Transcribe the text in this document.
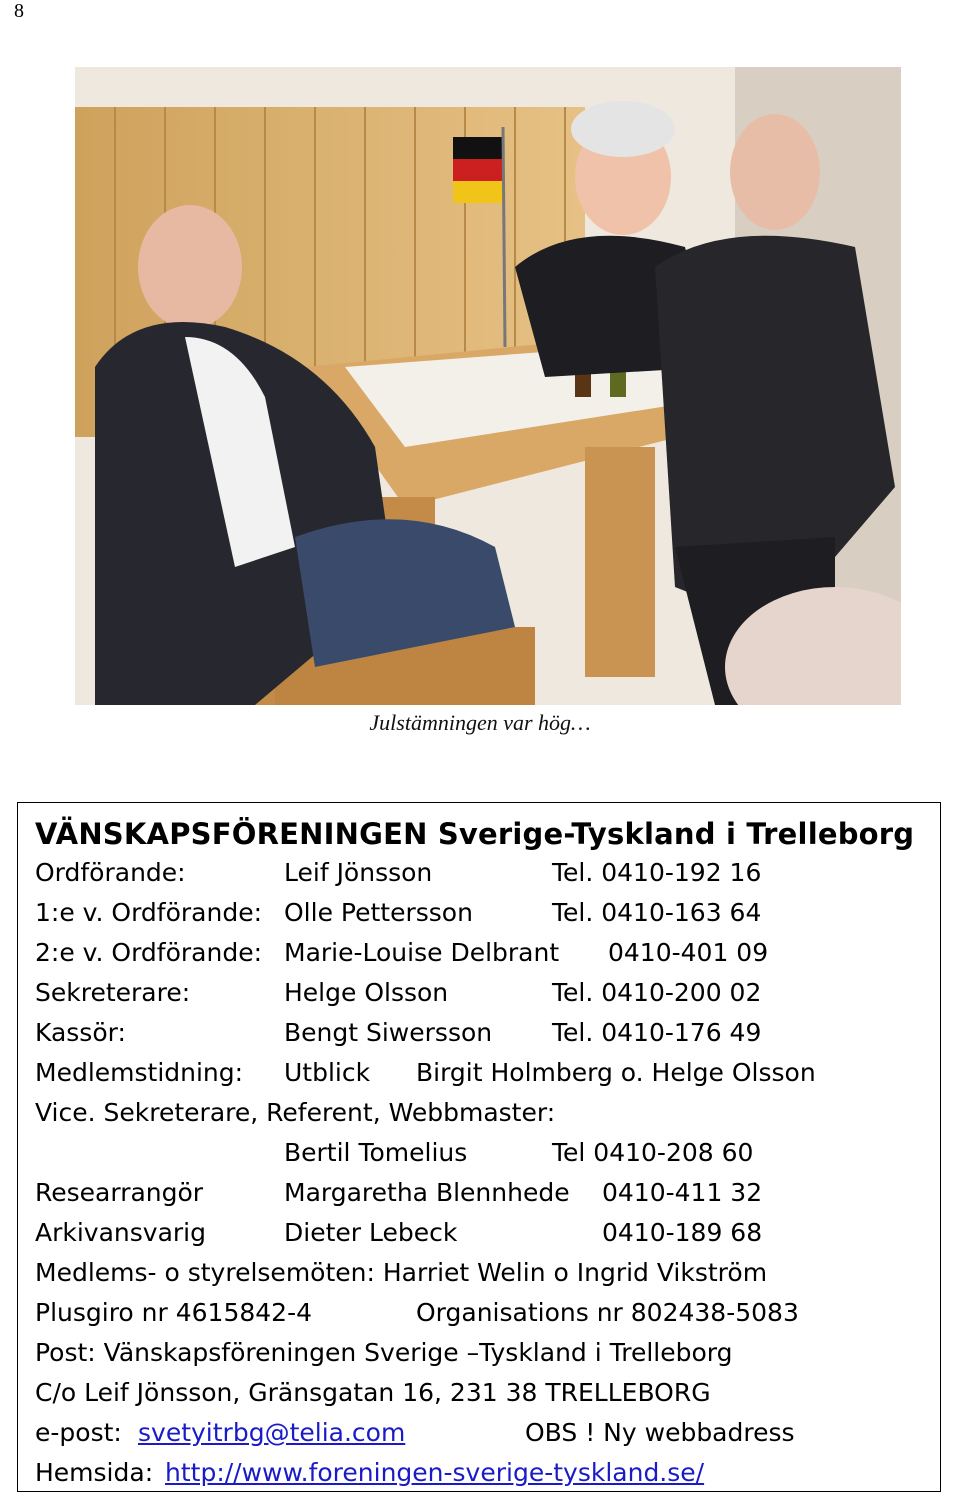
8
Julstämningen var hög…
VÄNSKAPSFÖRENINGEN Sverige-Tyskland i Trelleborg
Ordförande:	Leif Jönsson	Tel. 0410-192 16
1:e v. Ordförande: Olle Pettersson	Tel. 0410-163 64
2:e v. Ordförande: Marie-Louise Delbrant 0410-401 09
Sekreterare:	Helge Olsson	Tel. 0410-200 02
Kassör:	Bengt Siwersson Tel. 0410-176 49
Medlemstidning: Utblick Birgit Holmberg o. Helge Olsson
Vice. Sekreterare, Referent, Webbmaster:
Bertil Tomelius	Tel 0410-208 60
Researrangör	Margaretha Blennhede 0410-411 32
Arkivansvarig	Dieter Lebeck	0410-189 68
Medlems- o styrelsemöten: Harriet Welin o Ingrid Vikström
Plusgiro nr 4615842-4	Organisations nr 802438-5083
Post: Vänskapsföreningen Sverige –Tyskland i Trelleborg
C/o Leif Jönsson, Gränsgatan 16, 231 38 TRELLEBORG
e-post: svetyitrbg@telia.com	OBS ! Ny webbadress
Hemsida: http://www.foreningen-sverige-tyskland.se/
